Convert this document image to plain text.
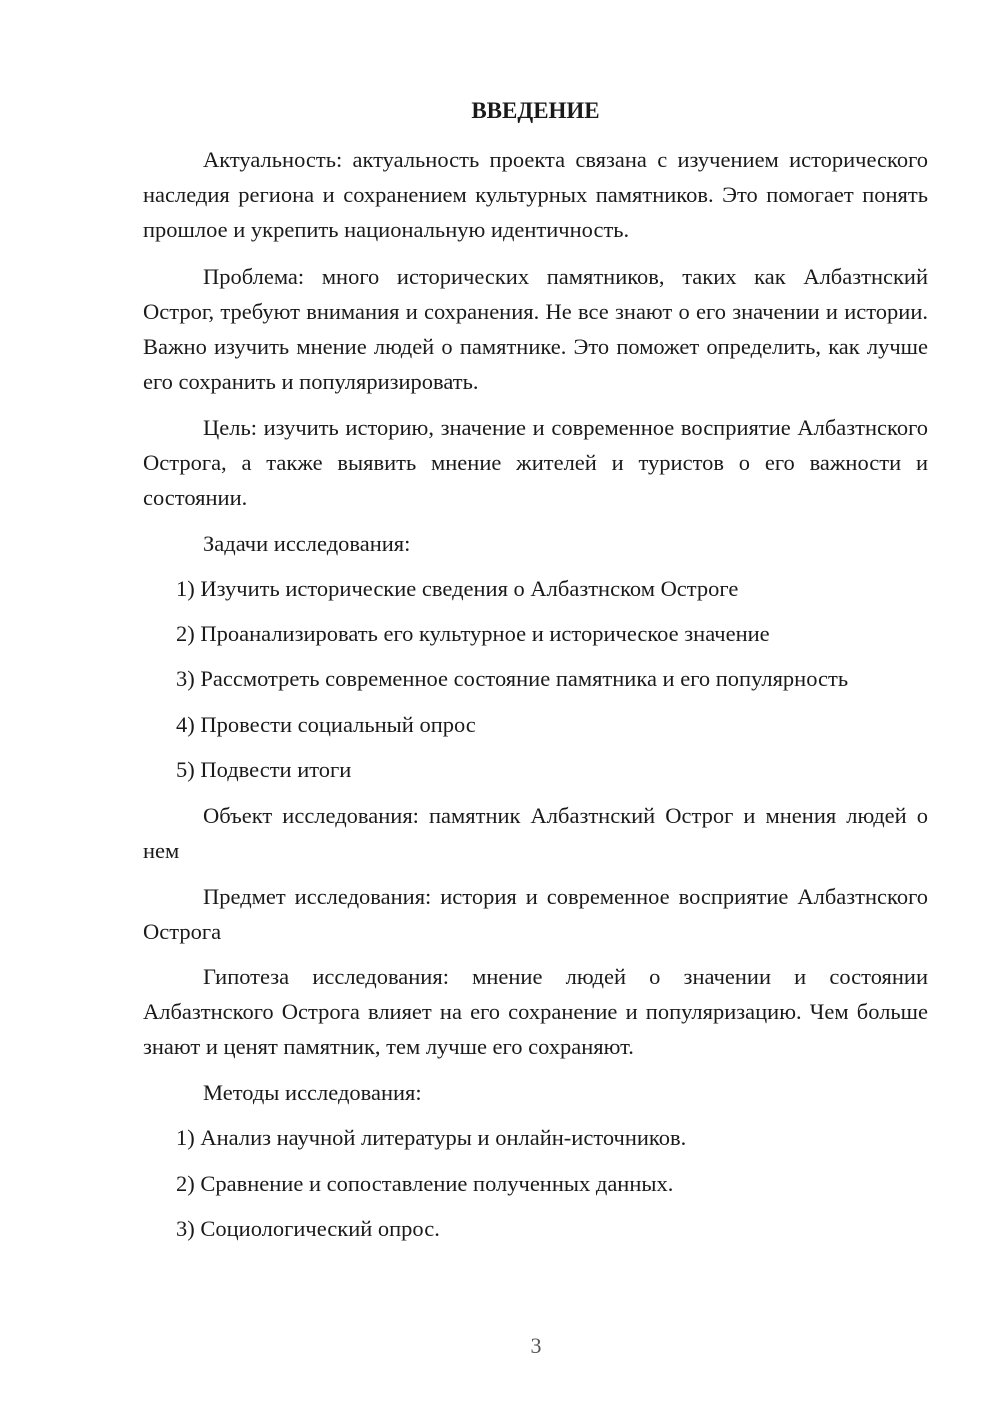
ВВЕДЕНИЕ

Актуальность: актуальность проекта связана с изучением исторического наследия региона и сохранением культурных памятников. Это помогает понять прошлое и укрепить национальную идентичность.

Проблема: много исторических памятников, таких как Албазтнский Острог, требуют внимания и сохранения. Не все знают о его значении и истории. Важно изучить мнение людей о памятнике. Это поможет определить, как лучше его сохранить и популяризировать.

Цель: изучить историю, значение и современное восприятие Албазтнского Острога, а также выявить мнение жителей и туристов о его важности и состоянии.

Задачи исследования:

1) Изучить исторические сведения о Албазтнском Остроге

2) Проанализировать его культурное и историческое значение

3) Рассмотреть современное состояние памятника и его популярность

4) Провести социальный опрос

5) Подвести итоги

Объект исследования: памятник Албазтнский Острог и мнения людей о нем

Предмет исследования: история и современное восприятие Албазтнского Острога

Гипотеза исследования: мнение людей о значении и состоянии Албазтнского Острога влияет на его сохранение и популяризацию. Чем больше знают и ценят памятник, тем лучше его сохраняют.

Методы исследования:

1) Анализ научной литературы и онлайн-источников.

2) Сравнение и сопоставление полученных данных.

3) Социологический опрос.

3
